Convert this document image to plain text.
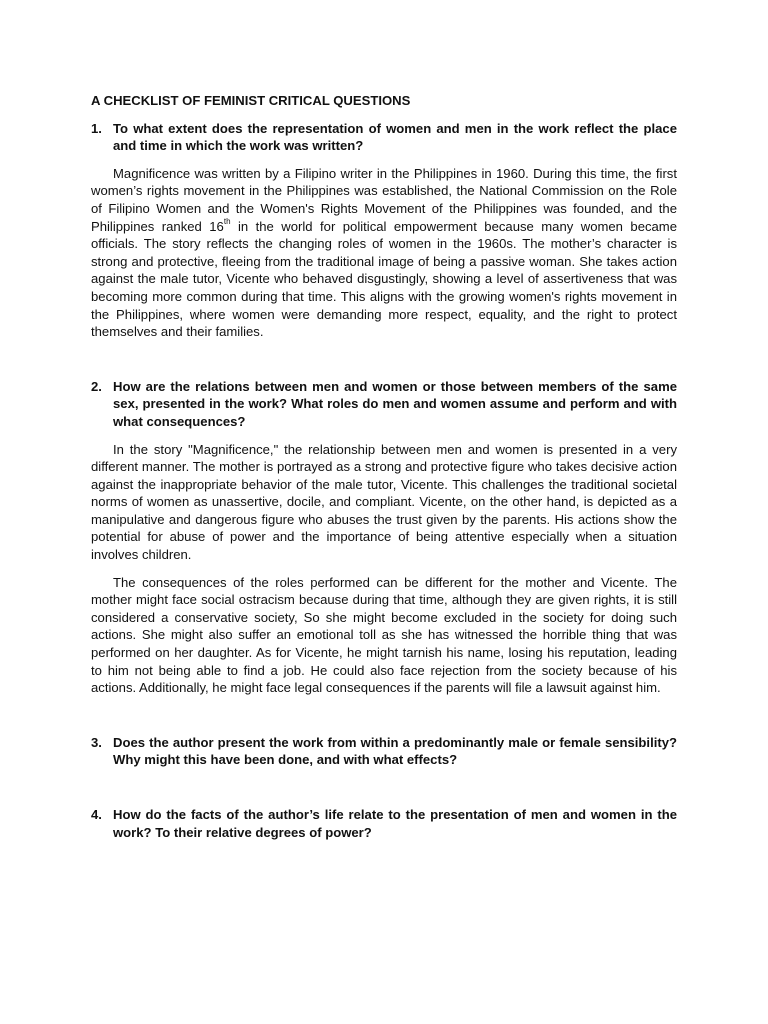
A CHECKLIST OF FEMINIST CRITICAL QUESTIONS
1. To what extent does the representation of women and men in the work reflect the place and time in which the work was written?

Magnificence was written by a Filipino writer in the Philippines in 1960. During this time, the first women’s rights movement in the Philippines was established, the National Commission on the Role of Filipino Women and the Women's Rights Movement of the Philippines was founded, and the Philippines ranked 16th in the world for political empowerment because many women became officials. The story reflects the changing roles of women in the 1960s. The mother’s character is strong and protective, fleeing from the traditional image of being a passive woman. She takes action against the male tutor, Vicente who behaved disgustingly, showing a level of assertiveness that was becoming more common during that time. This aligns with the growing women's rights movement in the Philippines, where women were demanding more respect, equality, and the right to protect themselves and their families.

2. How are the relations between men and women or those between members of the same sex, presented in the work? What roles do men and women assume and perform and with what consequences?

In the story "Magnificence," the relationship between men and women is presented in a very different manner. The mother is portrayed as a strong and protective figure who takes decisive action against the inappropriate behavior of the male tutor, Vicente. This challenges the traditional societal norms of women as unassertive, docile, and compliant. Vicente, on the other hand, is depicted as a manipulative and dangerous figure who abuses the trust given by the parents. His actions show the potential for abuse of power and the importance of being attentive especially when a situation involves children.

The consequences of the roles performed can be different for the mother and Vicente. The mother might face social ostracism because during that time, although they are given rights, it is still considered a conservative society, So she might become excluded in the society for doing such actions. She might also suffer an emotional toll as she has witnessed the horrible thing that was performed on her daughter. As for Vicente, he might tarnish his name, losing his reputation, leading to him not being able to find a job. He could also face rejection from the society because of his actions. Additionally, he might face legal consequences if the parents will file a lawsuit against him.

3. Does the author present the work from within a predominantly male or female sensibility? Why might this have been done, and with what effects?
4. How do the facts of the author’s life relate to the presentation of men and women in the work? To their relative degrees of power?
